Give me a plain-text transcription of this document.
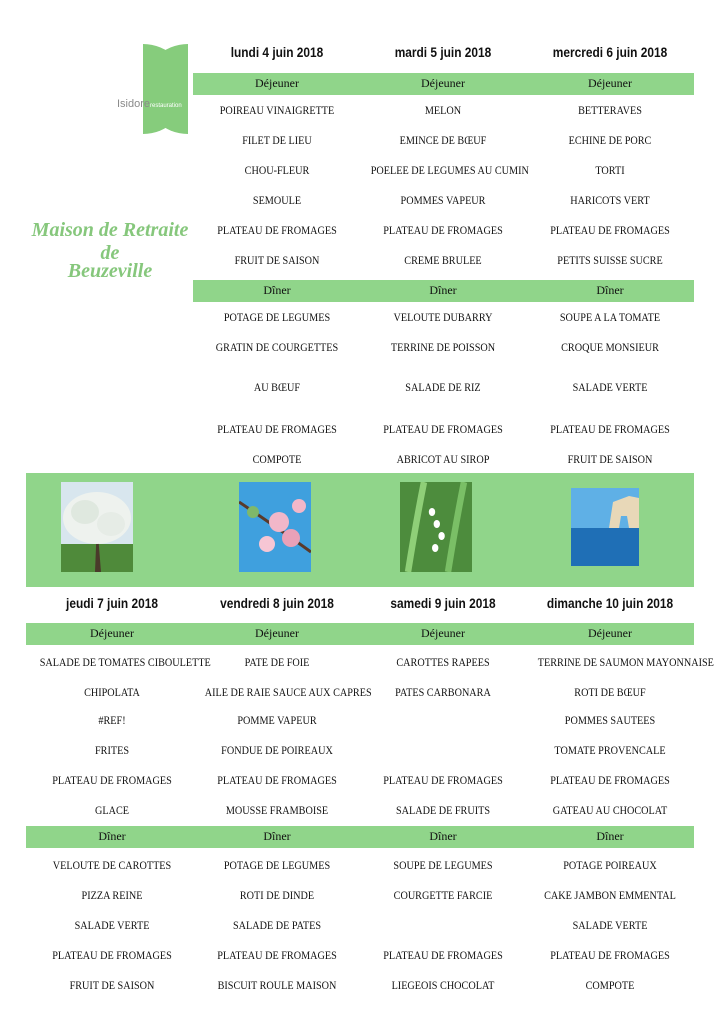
Isidore restauration
Maison de Retraite de
Beuzeville
lundi 4 juin 2018
Déjeuner
Dîner
POIREAU VINAIGRETTE
FILET DE LIEU
CHOU-FLEUR
SEMOULE
PLATEAU DE FROMAGES
FRUIT DE SAISON
POTAGE DE LEGUMES
GRATIN DE COURGETTES
AU BŒUF
PLATEAU DE FROMAGES
COMPOTE
mardi 5 juin 2018
Déjeuner
Dîner
MELON
EMINCE DE BŒUF
POELEE DE LEGUMES AU CUMIN
POMMES VAPEUR
PLATEAU DE FROMAGES
CREME BRULEE
VELOUTE DUBARRY
TERRINE DE POISSON
SALADE DE RIZ
PLATEAU DE FROMAGES
ABRICOT AU SIROP
mercredi 6 juin 2018
Déjeuner
Dîner
BETTERAVES
ECHINE DE PORC
TORTI
HARICOTS VERT
PLATEAU DE FROMAGES
PETITS SUISSE SUCRE
SOUPE A LA TOMATE
CROQUE MONSIEUR
SALADE VERTE
PLATEAU DE FROMAGES
FRUIT DE SAISON
jeudi 7 juin 2018
Déjeuner
Dîner
SALADE DE TOMATES CIBOULETTE
CHIPOLATA
#REF!
FRITES
PLATEAU DE FROMAGES
GLACE
VELOUTE DE CAROTTES
PIZZA REINE
SALADE VERTE
PLATEAU DE FROMAGES
FRUIT DE SAISON
vendredi 8 juin 2018
Déjeuner
Dîner
PATE DE FOIE
AILE DE RAIE SAUCE AUX CAPRES
POMME VAPEUR
FONDUE DE POIREAUX
PLATEAU DE FROMAGES
MOUSSE FRAMBOISE
POTAGE DE LEGUMES
ROTI DE DINDE
SALADE DE PATES
PLATEAU DE FROMAGES
BISCUIT ROULE MAISON
samedi 9 juin 2018
Déjeuner
Dîner
CAROTTES RAPEES
PATES CARBONARA
PLATEAU DE FROMAGES
SALADE DE FRUITS
SOUPE DE LEGUMES
COURGETTE FARCIE
PLATEAU DE FROMAGES
LIEGEOIS CHOCOLAT
dimanche 10 juin 2018
Déjeuner
Dîner
TERRINE DE SAUMON MAYONNAISE
ROTI DE BŒUF
POMMES SAUTEES
TOMATE PROVENCALE
PLATEAU DE FROMAGES
GATEAU AU CHOCOLAT
POTAGE POIREAUX
CAKE JAMBON EMMENTAL
SALADE VERTE
PLATEAU DE FROMAGES
COMPOTE
